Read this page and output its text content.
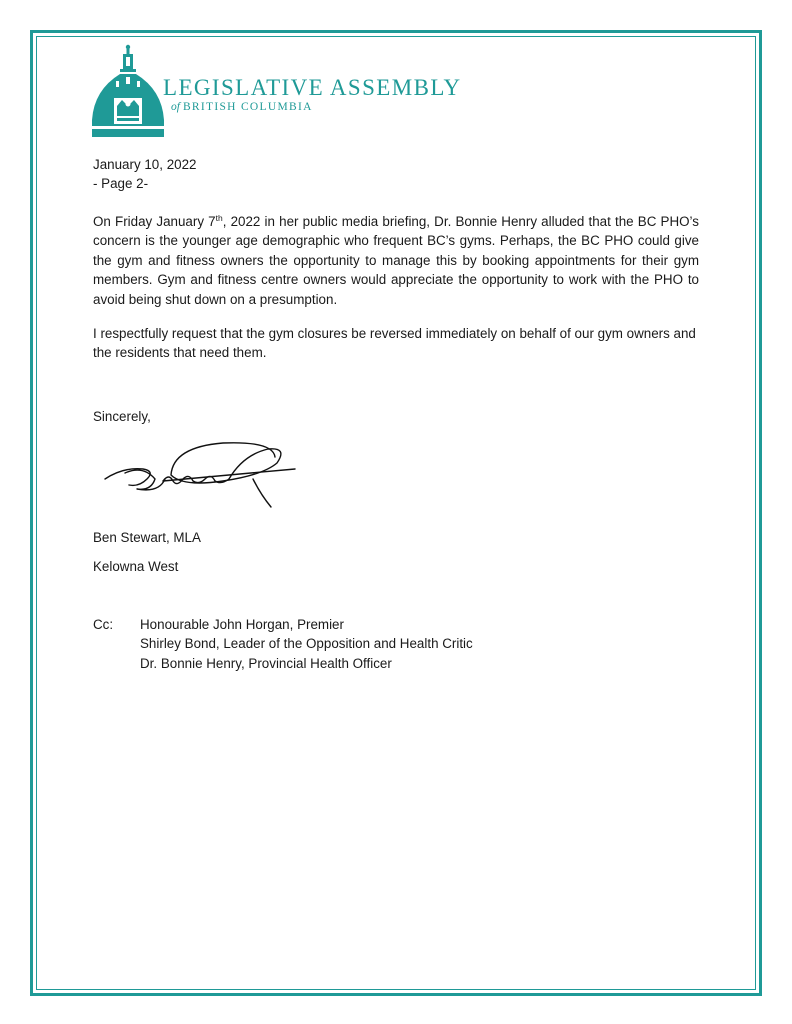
LEGISLATIVE ASSEMBLY
of BRITISH COLUMBIA
January 10, 2022
- Page 2-

On Friday January 7th, 2022 in her public media briefing, Dr. Bonnie Henry alluded that the BC PHO’s concern is the younger age demographic who frequent BC’s gyms. Perhaps, the BC PHO could give the gym and fitness owners the opportunity to manage this by booking appointments for their gym members. Gym and fitness centre owners would appreciate the opportunity to work with the PHO to avoid being shut down on a presumption.

I respectfully request that the gym closures be reversed immediately on behalf of our gym owners and the residents that need them.

Sincerely,
Ben Stewart, MLA
Kelowna West
Cc: Honourable John Horgan, Premier
Shirley Bond, Leader of the Opposition and Health Critic
Dr. Bonnie Henry, Provincial Health Officer
